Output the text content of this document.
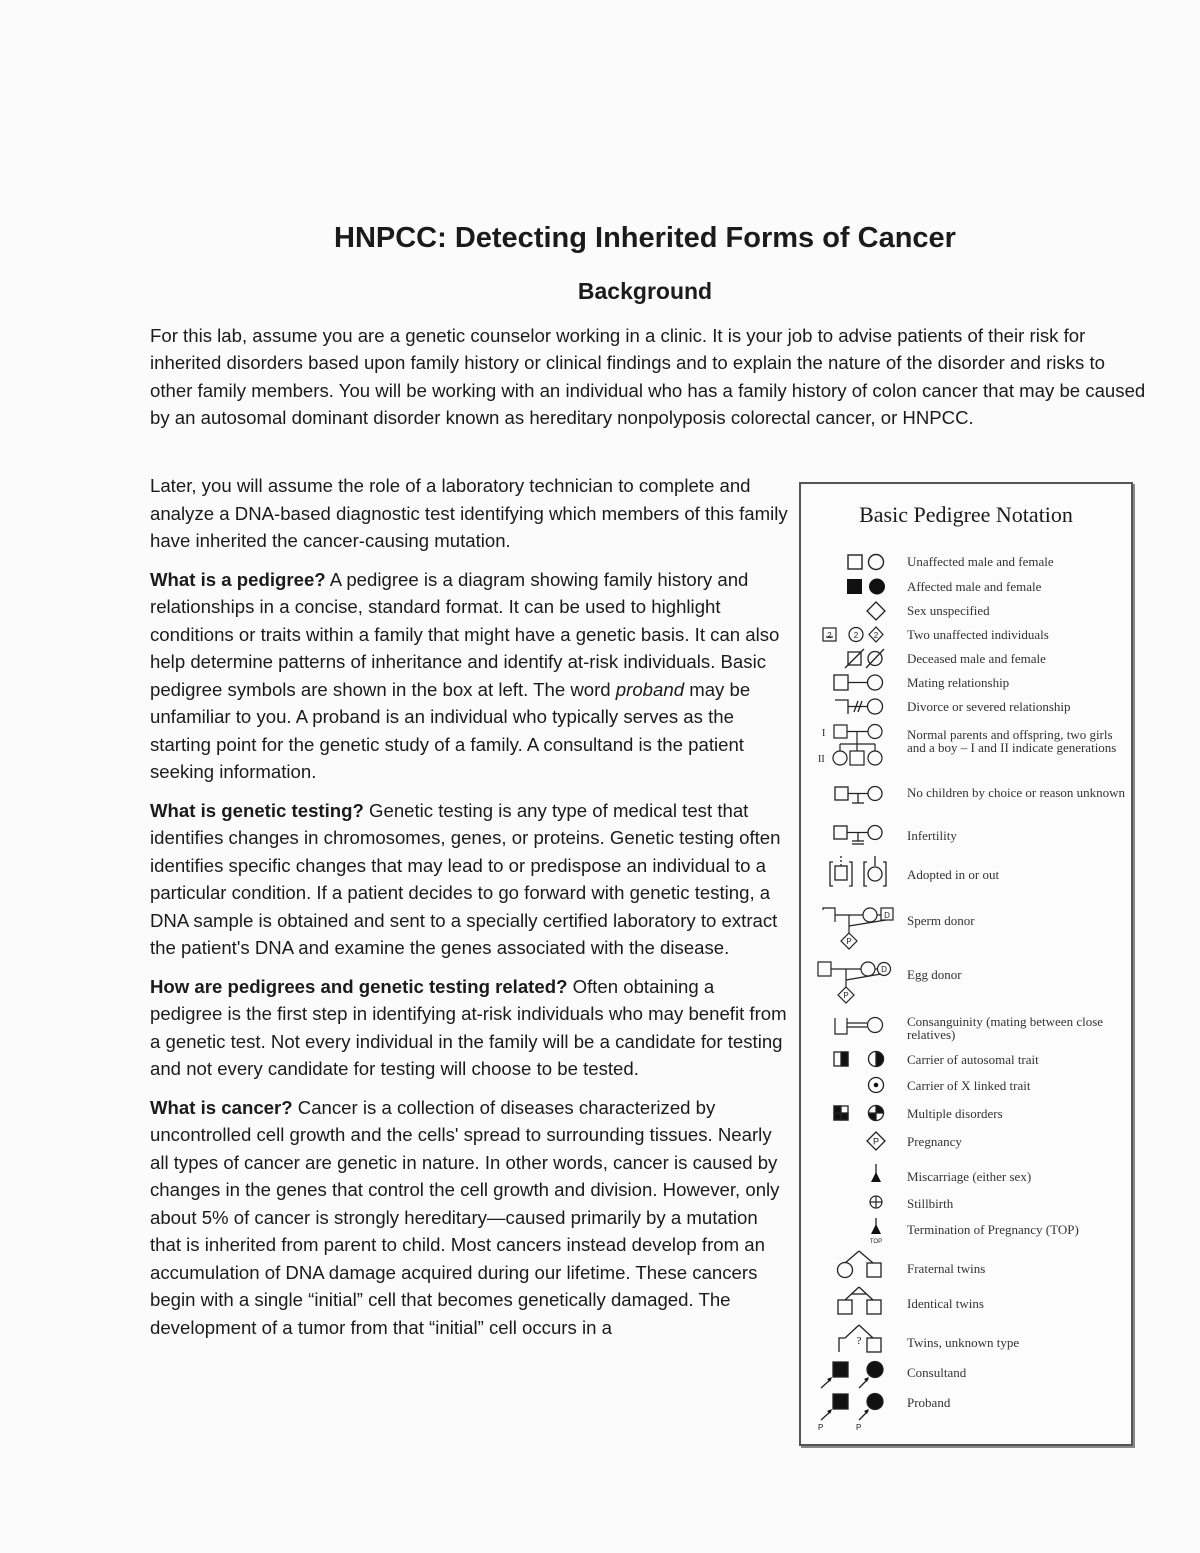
HNPCC: Detecting Inherited Forms of Cancer
Background

For this lab, assume you are a genetic counselor working in a clinic. It is your job to advise patients of their risk for inherited disorders based upon family history or clinical findings and to explain the nature of the disorder and risks to other family members. You will be working with an individual who has a family history of colon cancer that may be caused by an autosomal dominant disorder known as hereditary nonpolyposis colorectal cancer, or HNPCC.

Later, you will assume the role of a laboratory technician to complete and analyze a DNA-based diagnostic test identifying which members of this family have inherited the cancer-causing mutation.

What is a pedigree? A pedigree is a diagram showing family history and relationships in a concise, standard format. It can be used to highlight conditions or traits within a family that might have a genetic basis. It can also help determine patterns of inheritance and identify at-risk individuals. Basic pedigree symbols are shown in the box at left. The word proband may be unfamiliar to you. A proband is an individual who typically serves as the starting point for the genetic study of a family. A consultand is the patient seeking information.

What is genetic testing? Genetic testing is any type of medical test that identifies changes in chromosomes, genes, or proteins. Genetic testing often identifies specific changes that may lead to or predispose an individual to a particular condition. If a patient decides to go forward with genetic testing, a DNA sample is obtained and sent to a specially certified laboratory to extract the patient's DNA and examine the genes associated with the disease.

How are pedigrees and genetic testing related? Often obtaining a pedigree is the first step in identifying at-risk individuals who may benefit from a genetic test. Not every individual in the family will be a candidate for testing and not every candidate for testing will choose to be tested.

What is cancer? Cancer is a collection of diseases characterized by uncontrolled cell growth and the cells' spread to surrounding tissues. Nearly all types of cancer are genetic in nature. In other words, cancer is caused by changes in the genes that control the cell growth and division. However, only about 5% of cancer is strongly hereditary—caused primarily by a mutation that is inherited from parent to child. Most cancers instead develop from an accumulation of DNA damage acquired during our lifetime. These cancers begin with a single “initial” cell that becomes genetically damaged. The development of a tumor from that “initial” cell occurs in a

Basic Pedigree Notation
Unaffected male and female
Affected male and female
Sex unspecified
2	2 2 Two unaffected individuals
Deceased male and female
Mating relationship
Divorce or severed relationship
I
II
Normal parents and offspring, two girls and a boy – I and II indicate generations
No children by choice or reason unknown
Infertility
Adopted in or out
D
P
Sperm donor
D
P
Egg donor
Consanguinity (mating between close relatives)
Carrier of autosomal trait
Carrier of X linked trait
Multiple disorders
P Pregnancy
Miscarriage (either sex)
Stillbirth
TOP
Termination of Pregnancy (TOP)
Fraternal twins
Identical twins
?	Twins, unknown type
Consultand
P	P
Proband
